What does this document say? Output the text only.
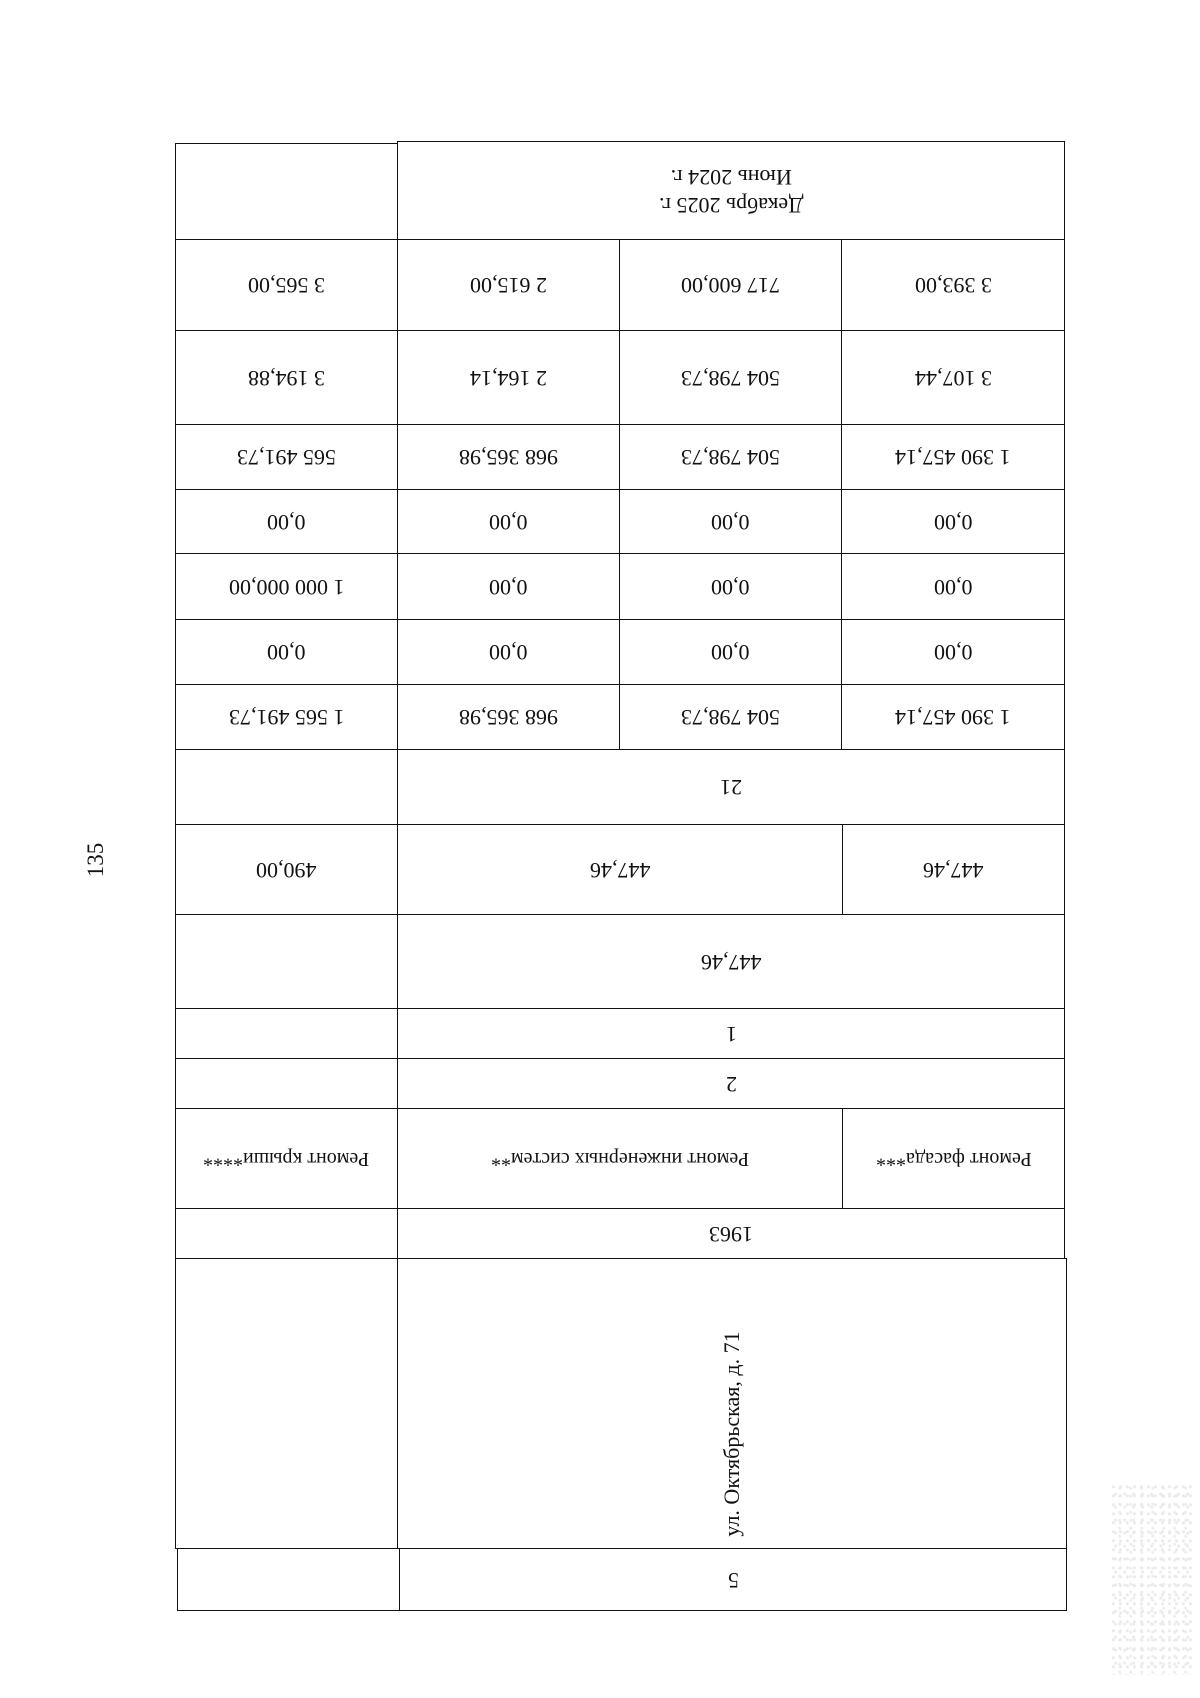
135
Декабрь 2025 г.
Июнь 2024 г.
3 565,00	2 615,00	717 600,00	3 393,00
3 194,88	2 164,14	504 798,73	3 107,44
565 491,73	968 365,98	504 798,73	1 390 457,14
0,00	0,00	0,00	0,00
1 000 000,00	0,00	0,00	0,00
0,00	0,00	0,00	0,00
1 565 491,73	968 365,98	504 798,73	1 390 457,14
21
490,00	447,46	447,46
447,46
1
2
Ремонт крыши****	Ремонт инженерных систем**	Ремонт фасада***
1963
ул. Октябрьская, д. 71
5
